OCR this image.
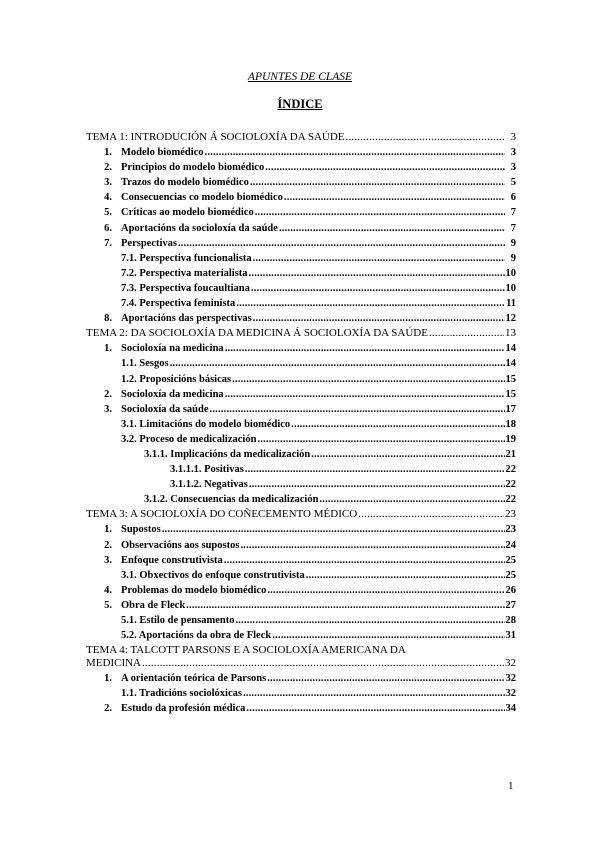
APUNTES DE CLASE
ÍNDICE
TEMA 1: INTRODUCIÓN Á SOCIOLOXÍA DA SAÚDE .....	3
1. Modelo biomédico .....	3
2. Principios do modelo biomédico .....	3
3. Trazos do modelo biomédico .....	5
4. Consecuencias co modelo biomédico .....	6
5. Críticas ao modelo biomédico .....	7
6. Aportacións da socioloxía da saúde .....	7
7. Perspectivas .....	9
7.1. Perspectiva funcionalista .....	9
7.2. Perspectiva materialista .....	10
7.3. Perspectiva foucaultiana .....	10
7.4. Perspectiva feminista .....	11
8. Aportacións das perspectivas .....	12
TEMA 2: DA SOCIOLOXÍA DA MEDICINA Á SOCIOLOXÍA DA SAÚDE .....	13
1. Socioloxía na medicina .....	14
1.1. Sesgos .....	14
1.2. Proposicións básicas .....	15
2. Socioloxía da medicina .....	15
3. Socioloxía da saúde .....	17
3.1. Limitacións do modelo biomédico .....	18
3.2. Proceso de medicalización .....	19
3.1.1. Implicacións da medicalización .....	21
3.1.1.1. Positivas .....	22
3.1.1.2. Negativas .....	22
3.1.2. Consecuencias da medicalización .....	22
TEMA 3: A SOCIOLOXÍA DO COÑECEMENTO MÉDICO .....	23
1. Supostos .....	23
2. Observacións aos supostos .....	24
3. Enfoque construtivista .....	25
3.1. Obxectivos do enfoque construtivista .....	25
4. Problemas do modelo biomédico .....	26
5. Obra de Fleck .....	27
5.1. Estilo de pensamento .....	28
5.2. Aportacións da obra de Fleck .....	31
TEMA 4: TALCOTT PARSONS E A SOCIOLOXÍA AMERICANA DA
MEDICINA .....	32
1. A orientación teórica de Parsons .....	32
1.1. Tradicións sociolóxicas .....	32
2. Estudo da profesión médica .....	34
1
